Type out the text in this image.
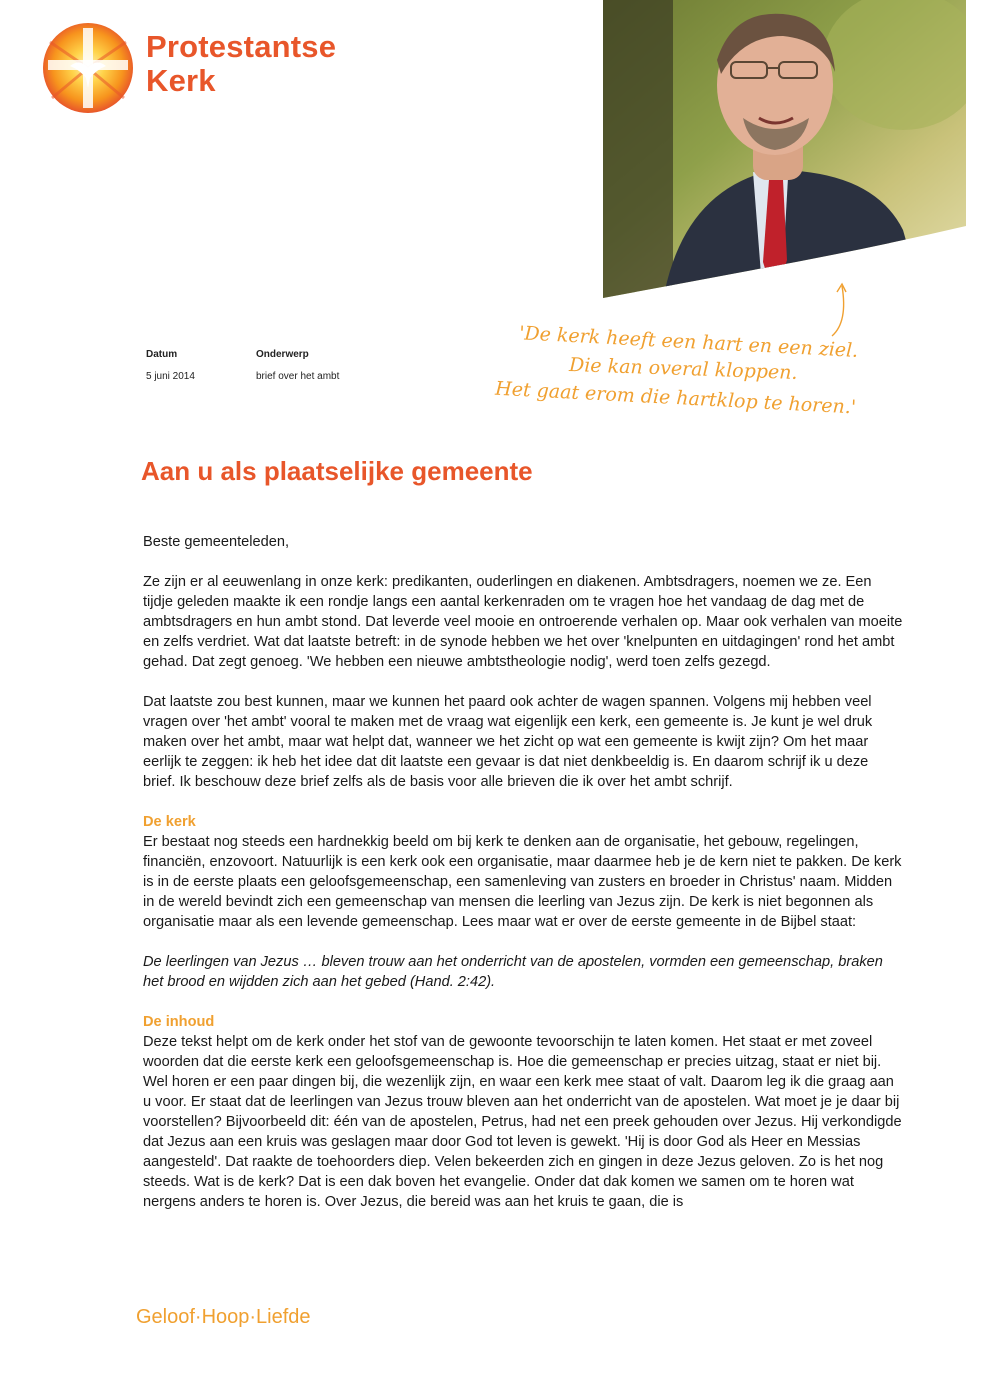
Protestantse
Kerk
'De kerk heeft een hart en een ziel.
Die kan overal kloppen.
Het gaat erom die hartklop te horen.'
Datum
5 juni 2014
Onderwerp
brief over het ambt
Aan u als plaatselijke gemeente

Beste gemeenteleden,

Ze zijn er al eeuwenlang in onze kerk: predikanten, ouderlingen en diakenen. Ambtsdragers, noemen we ze. Een tijdje geleden maakte ik een rondje langs een aantal kerkenraden om te vragen hoe het vandaag de dag met de ambtsdragers en hun ambt stond. Dat leverde veel mooie en ontroerende verhalen op. Maar ook verhalen van moeite en zelfs verdriet. Wat dat laatste betreft: in de synode hebben we het over 'knelpunten en uitdagingen' rond het ambt gehad. Dat zegt genoeg. 'We hebben een nieuwe ambtstheologie nodig', werd toen zelfs gezegd.

Dat laatste zou best kunnen, maar we kunnen het paard ook achter de wagen spannen. Volgens mij hebben veel vragen over 'het ambt' vooral te maken met de vraag wat eigenlijk een kerk, een gemeente is. Je kunt je wel druk maken over het ambt, maar wat helpt dat, wanneer we het zicht op wat een gemeente is kwijt zijn? Om het maar eerlijk te zeggen: ik heb het idee dat dit laatste een gevaar is dat niet denkbeeldig is. En daarom schrijf ik u deze brief. Ik beschouw deze brief zelfs als de basis voor alle brieven die ik over het ambt schrijf.

De kerk

Er bestaat nog steeds een hardnekkig beeld om bij kerk te denken aan de organisatie, het gebouw, regelingen, financiën, enzovoort. Natuurlijk is een kerk ook een organisatie, maar daarmee heb je de kern niet te pakken. De kerk is in de eerste plaats een geloofsgemeenschap, een samenleving van zusters en broeder in Christus' naam. Midden in de wereld bevindt zich een gemeenschap van mensen die leerling van Jezus zijn. De kerk is niet begonnen als organisatie maar als een levende gemeenschap. Lees maar wat er over de eerste gemeente in de Bijbel staat:

De leerlingen van Jezus … bleven trouw aan het onderricht van de apostelen, vormden een gemeenschap, braken het brood en wijdden zich aan het gebed (Hand. 2:42).

De inhoud

Deze tekst helpt om de kerk onder het stof van de gewoonte tevoorschijn te laten komen. Het staat er met zoveel woorden dat die eerste kerk een geloofsgemeenschap is. Hoe die gemeenschap er precies uitzag, staat er niet bij. Wel horen er een paar dingen bij, die wezenlijk zijn, en waar een kerk mee staat of valt. Daarom leg ik die graag aan u voor. Er staat dat de leerlingen van Jezus trouw bleven aan het onderricht van de apostelen. Wat moet je je daar bij voorstellen? Bijvoorbeeld dit: één van de apostelen, Petrus, had net een preek gehouden over Jezus. Hij verkondigde dat Jezus aan een kruis was geslagen maar door God tot leven is gewekt. 'Hij is door God als Heer en Messias aangesteld'. Dat raakte de toehoorders diep. Velen bekeerden zich en gingen in deze Jezus geloven. Zo is het nog steeds. Wat is de kerk? Dat is een dak boven het evangelie. Onder dat dak komen we samen om te horen wat nergens anders te horen is. Over Jezus, die bereid was aan het kruis te gaan, die is

Geloof·Hoop·Liefde
